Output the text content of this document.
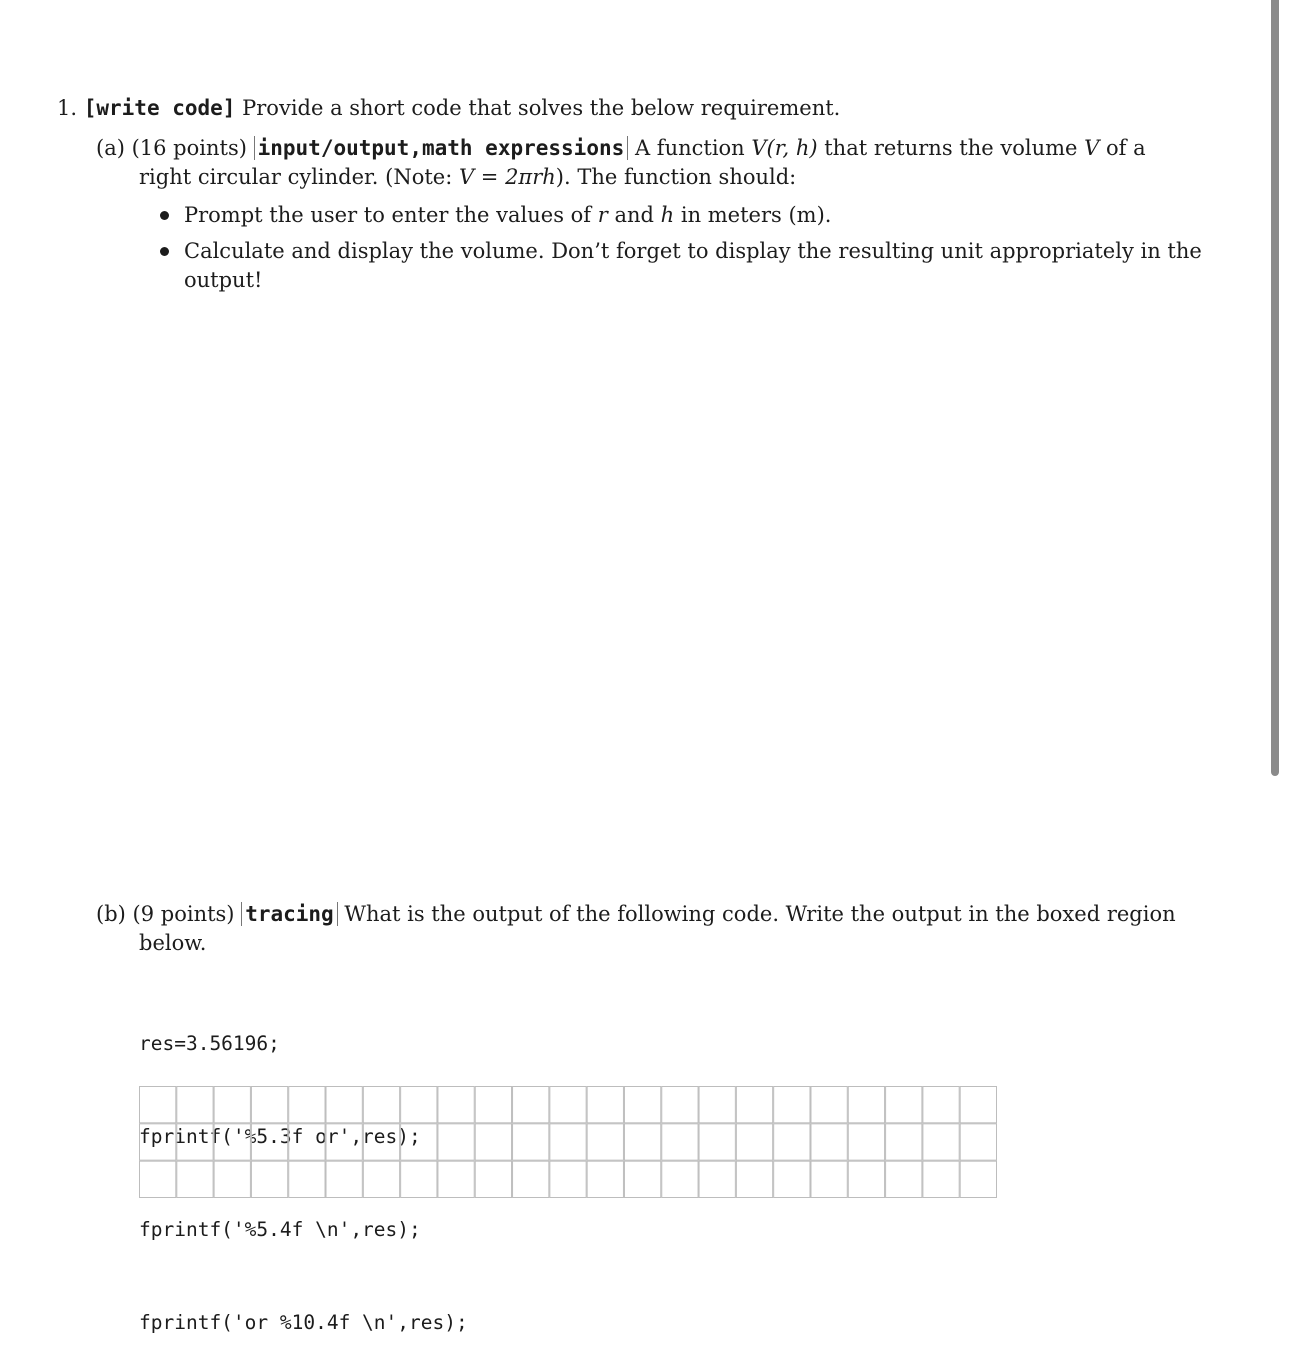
1. [write code] Provide a short code that solves the below requirement.
(a) (16 points) input/output,math expressions A function V(r, h) that returns the volume V of a
right circular cylinder. (Note: V = 2πrh). The function should:
Prompt the user to enter the values of r and h in meters (m).
Calculate and display the volume. Don’t forget to display the resulting unit appropriately in the
output!
(b) (9 points) tracing What is the output of the following code. Write the output in the boxed region
below.

res=3.56196;

fprintf('%5.3f or',res);

fprintf('%5.4f \n',res);

fprintf('or %10.4f \n',res);
